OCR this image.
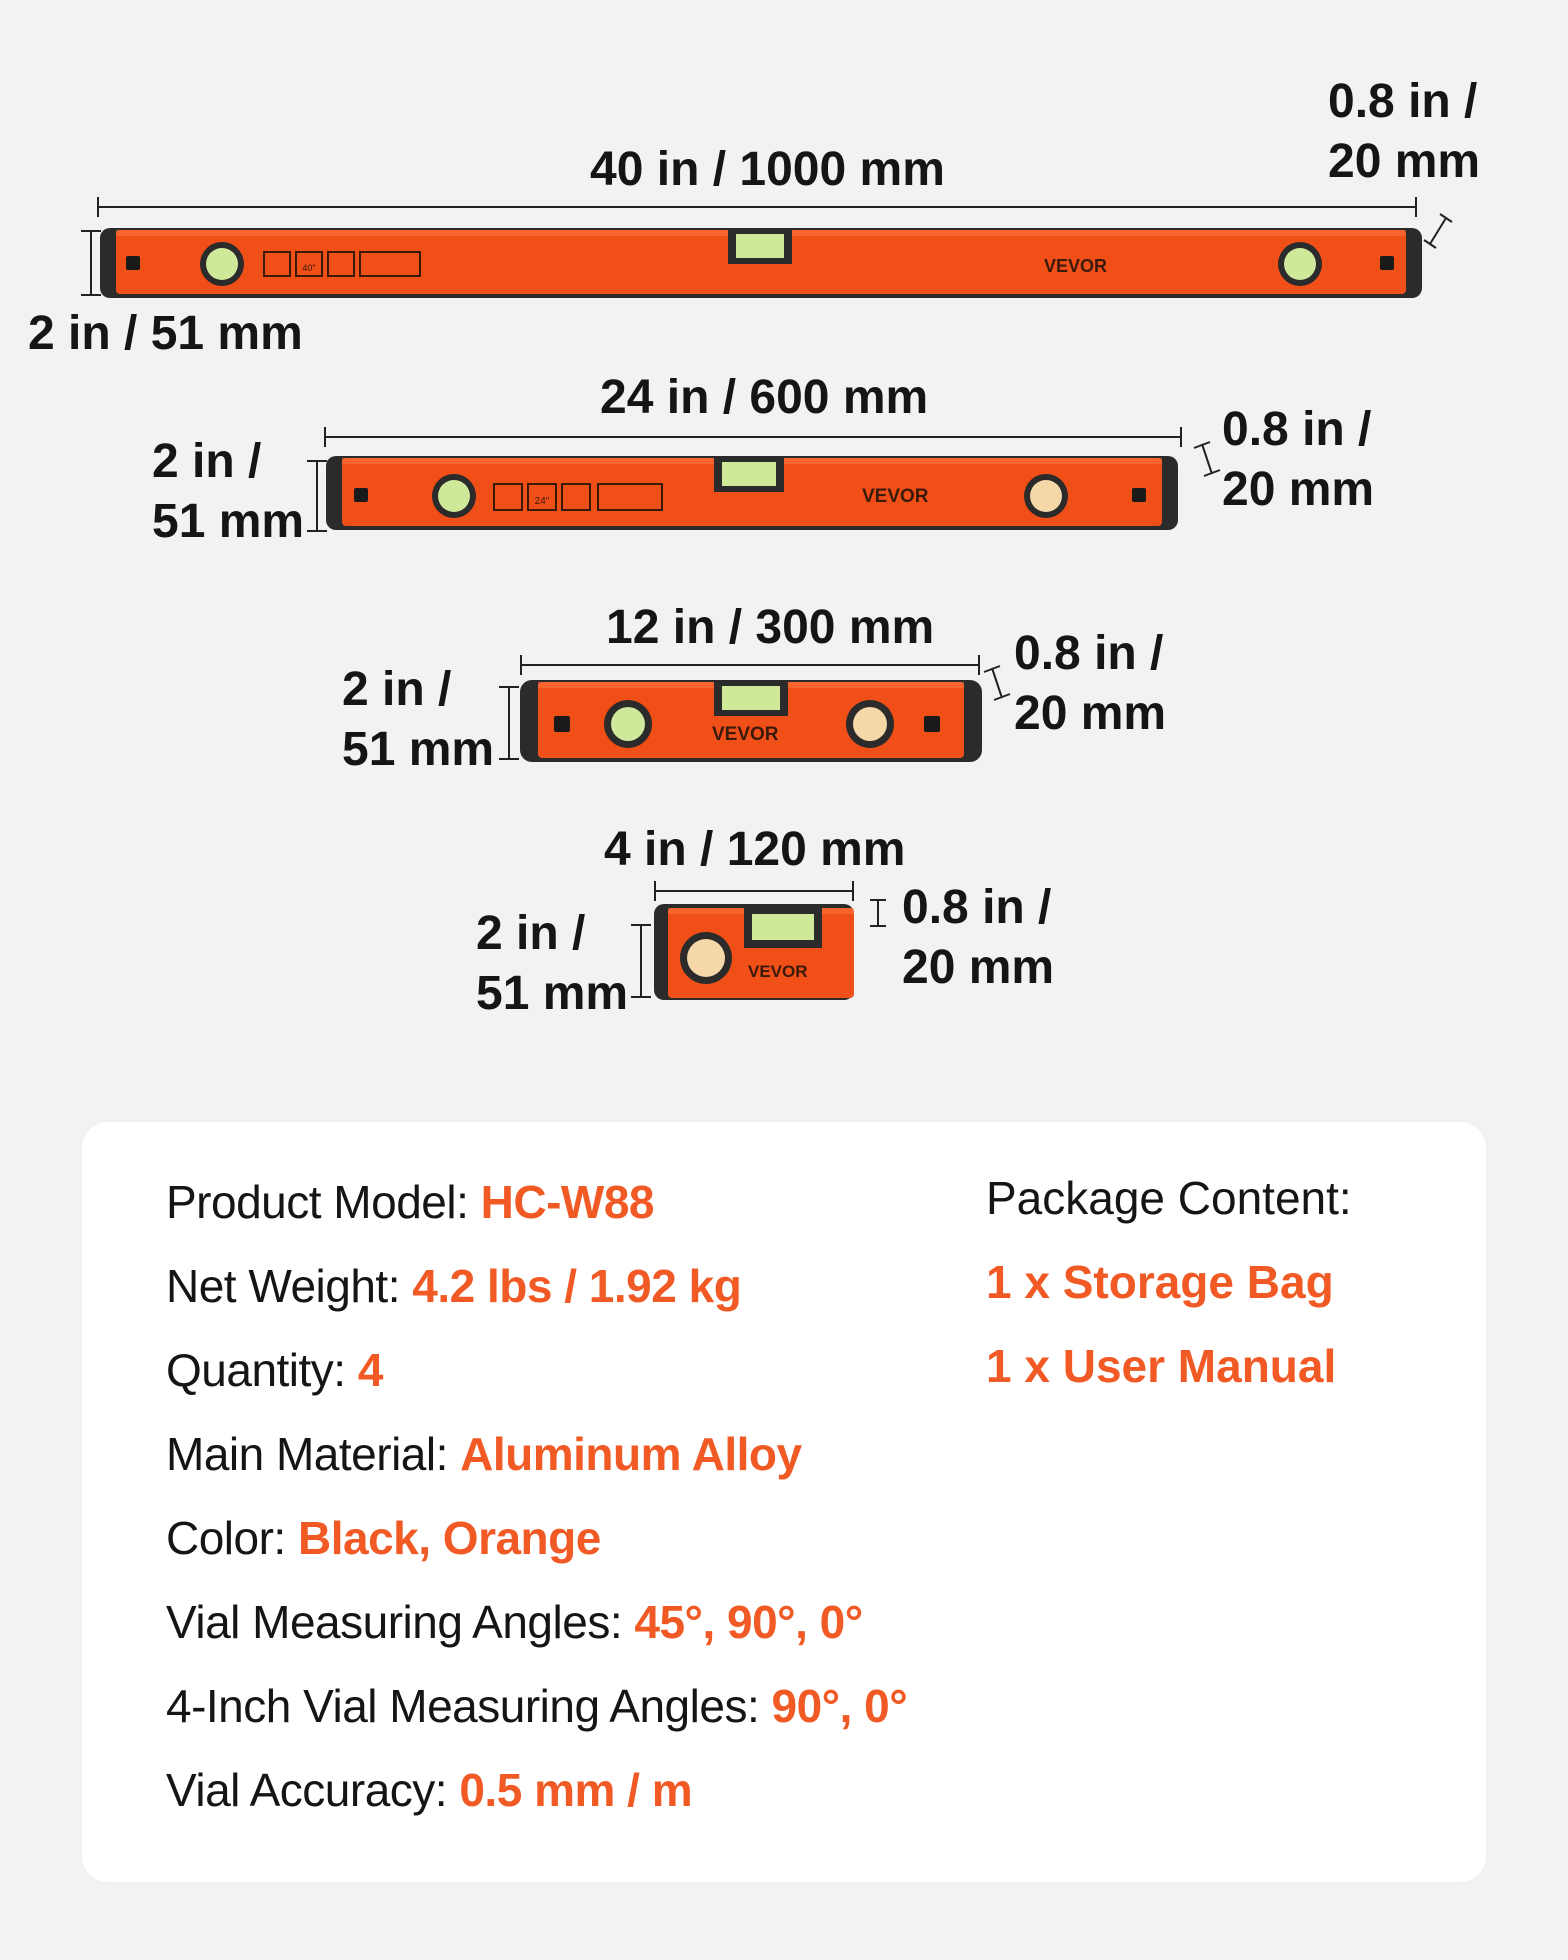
40 in / 1000 mm
0.8 in /
20 mm
2 in / 51 mm
40"	VEVOR
24 in / 600 mm
2 in /
51 mm
0.8 in /
20 mm
24"	VEVOR
12 in / 300 mm
2 in /
51 mm
0.8 in /
20 mm
VEVOR
4 in / 120 mm
2 in /
51 mm
0.8 in /
20 mm
VEVOR
Product Model: HC-W88
Net Weight: 4.2 lbs / 1.92 kg
Quantity: 4
Main Material: Aluminum Alloy
Color: Black, Orange
Vial Measuring Angles: 45°, 90°, 0°
4-Inch Vial Measuring Angles: 90°, 0°
Vial Accuracy: 0.5 mm / m
Package Content:
1 x Storage Bag
1 x User Manual
